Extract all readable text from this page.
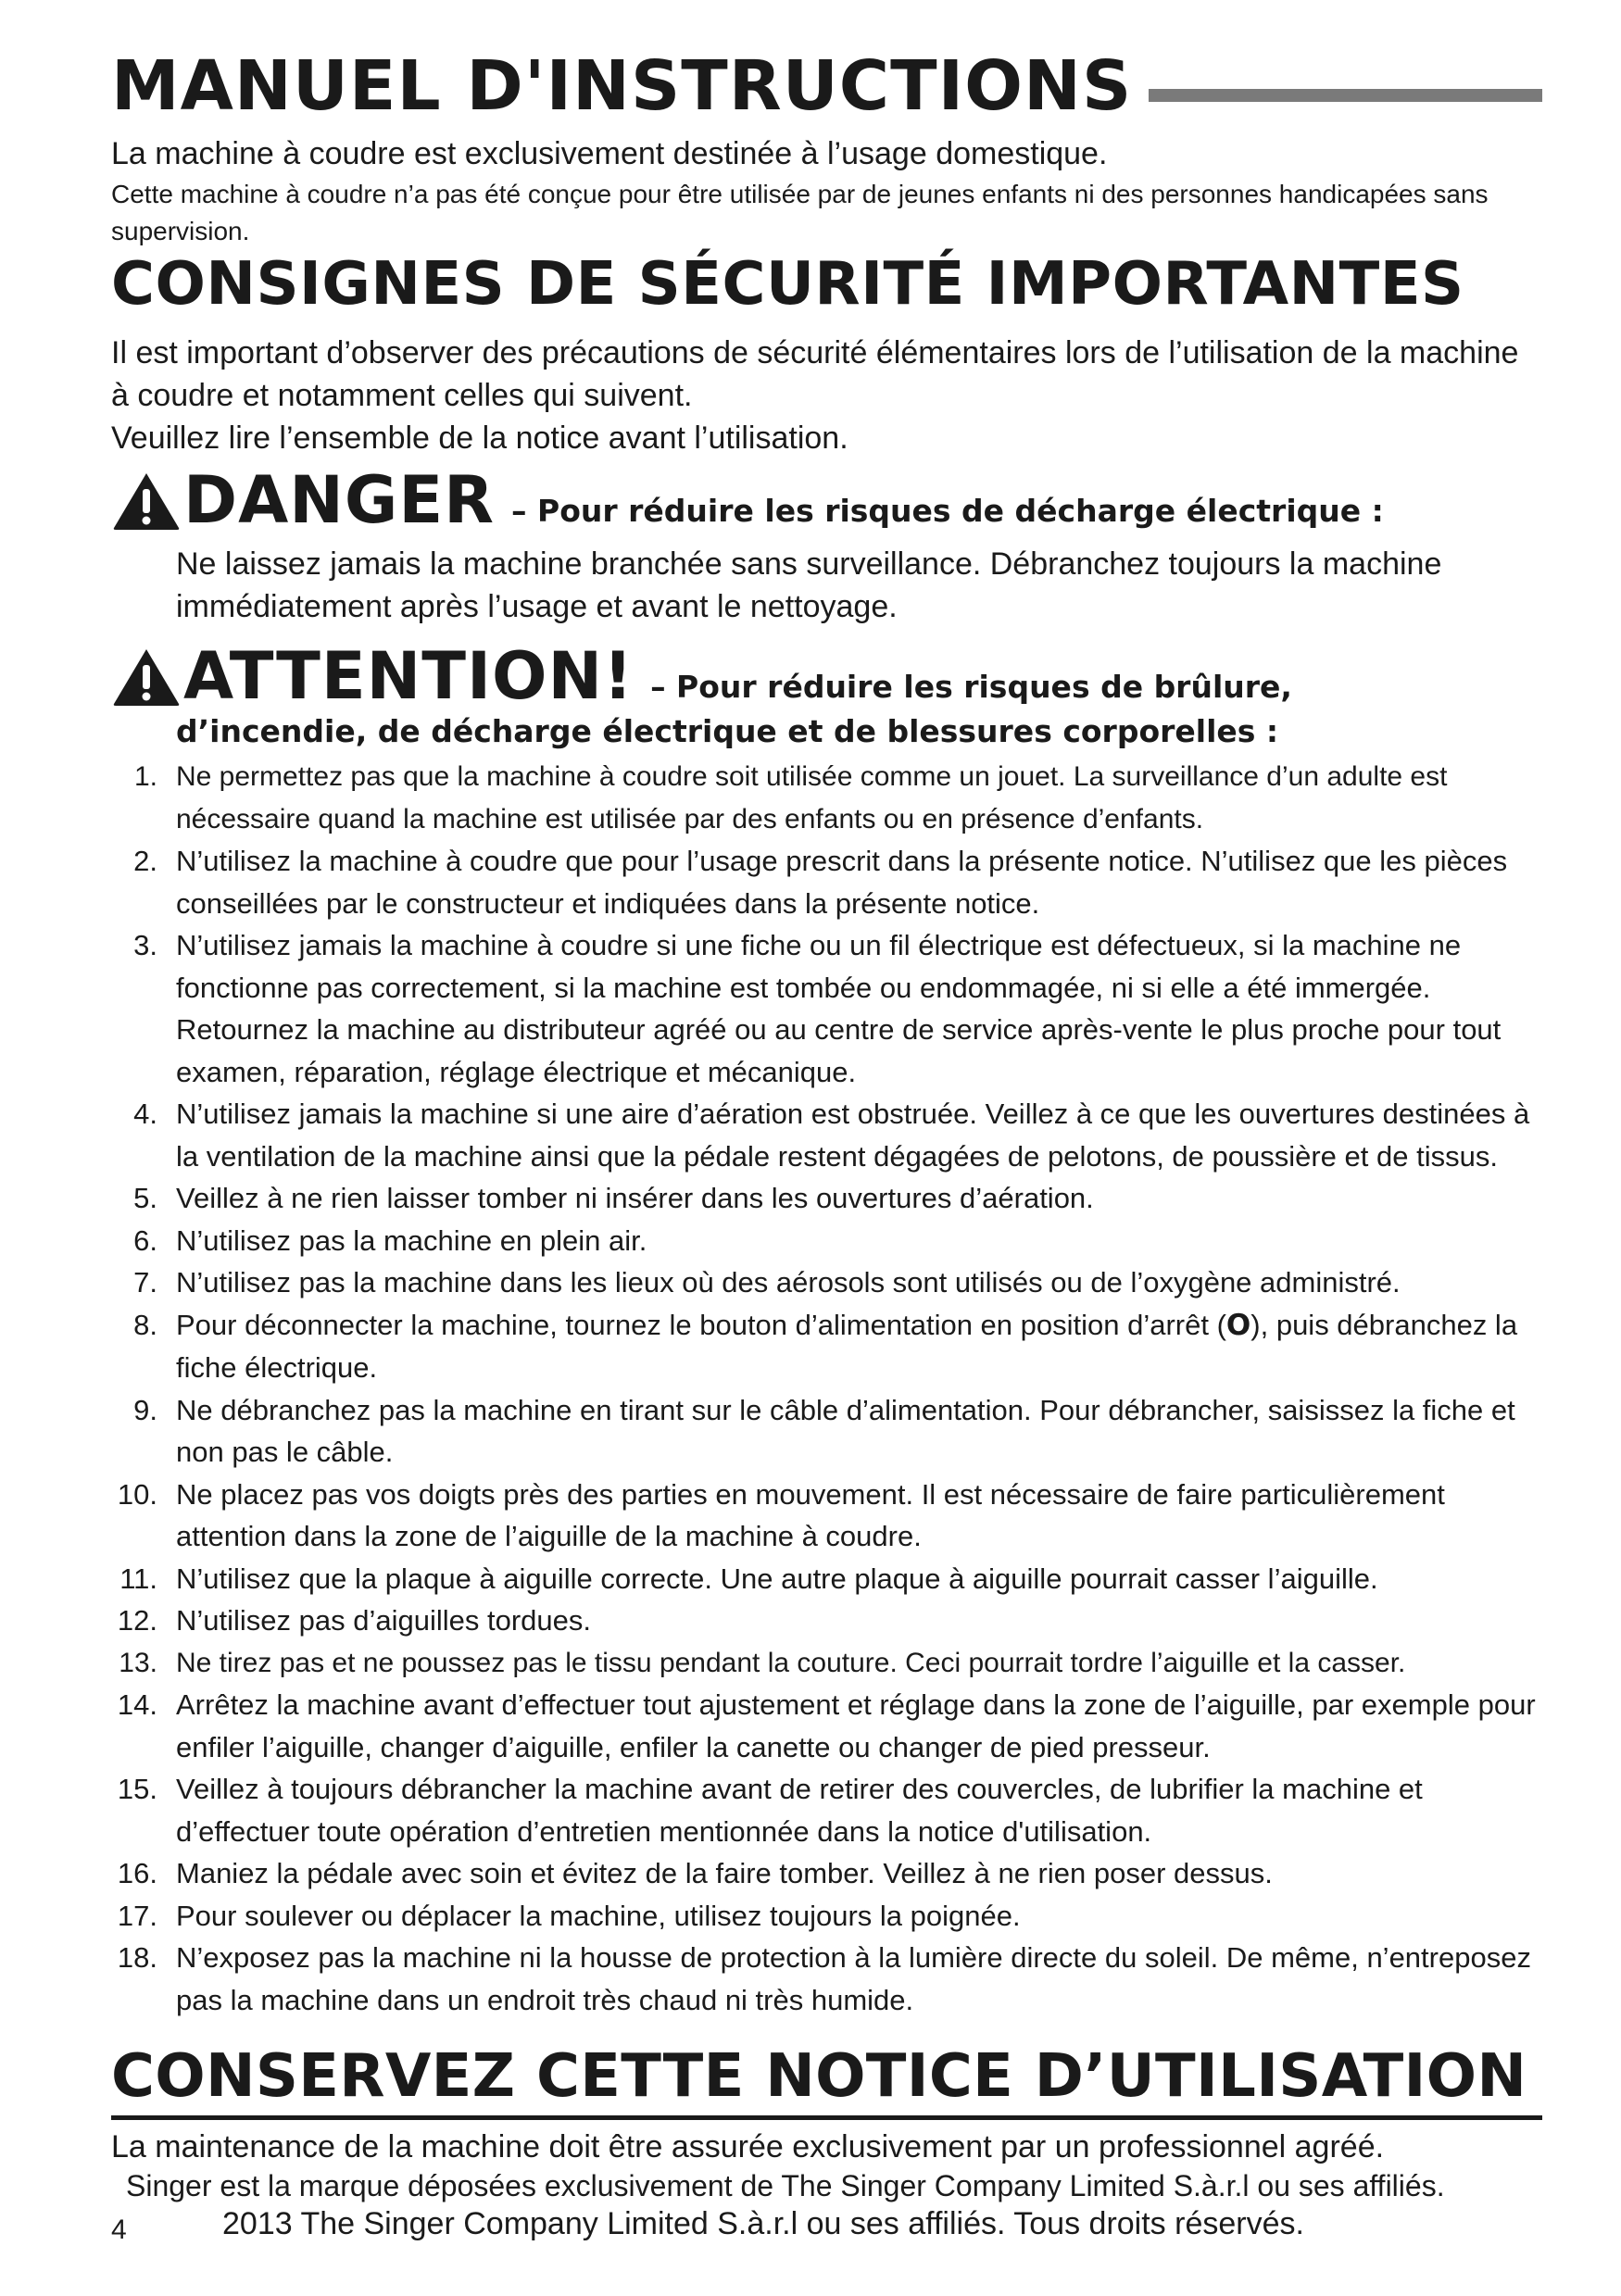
MANUEL D'INSTRUCTIONS
La machine à coudre est exclusivement destinée à l’usage domestique.
Cette machine à coudre n’a pas été conçue pour être utilisée par de jeunes enfants ni des personnes handicapées sans supervision.
CONSIGNES DE SÉCURITÉ IMPORTANTES
Il est important d’observer des précautions de sécurité élémentaires lors de l’utilisation de la machine à coudre et notamment celles qui suivent.
Veuillez lire l’ensemble de la notice avant l’utilisation.
DANGER – Pour réduire les risques de décharge électrique :
Ne laissez jamais la machine branchée sans surveillance. Débranchez toujours la machine immédiatement après l’usage et avant le nettoyage.
ATTENTION! – Pour réduire les risques de brûlure,
d’incendie, de décharge électrique et de blessures corporelles :
1. Ne permettez pas que la machine à coudre soit utilisée comme un jouet. La surveillance d’un adulte est nécessaire quand la machine est utilisée par des enfants ou en présence d’enfants.
2. N’utilisez la machine à coudre que pour l’usage prescrit dans la présente notice. N’utilisez que les pièces conseillées par le constructeur et indiquées dans la présente notice.
3. N’utilisez jamais la machine à coudre si une fiche ou un fil électrique est défectueux, si la machine ne fonctionne pas correctement, si la machine est tombée ou endommagée, ni si elle a été immergée. Retournez la machine au distributeur agréé ou au centre de service après-vente le plus proche pour tout examen, réparation, réglage électrique et mécanique.
4. N’utilisez jamais la machine si une aire d’aération est obstruée. Veillez à ce que les ouvertures destinées à la ventilation de la machine ainsi que la pédale restent dégagées de pelotons, de poussière et de tissus.
5. Veillez à ne rien laisser tomber ni insérer dans les ouvertures d’aération.
6. N’utilisez pas la machine en plein air.
7. N’utilisez pas la machine dans les lieux où des aérosols sont utilisés ou de l’oxygène administré.
8. Pour déconnecter la machine, tournez le bouton d’alimentation en position d’arrêt (O), puis débranchez la fiche électrique.
9. Ne débranchez pas la machine en tirant sur le câble d’alimentation. Pour débrancher, saisissez la fiche et non pas le câble.
10. Ne placez pas vos doigts près des parties en mouvement. Il est nécessaire de faire particulièrement attention dans la zone de l’aiguille de la machine à coudre.
11. N’utilisez que la plaque à aiguille correcte. Une autre plaque à aiguille pourrait casser l’aiguille.
12. N’utilisez pas d’aiguilles tordues.
13. Ne tirez pas et ne poussez pas le tissu pendant la couture. Ceci pourrait tordre l’aiguille et la casser.
14. Arrêtez la machine avant d’effectuer tout ajustement et réglage dans la zone de l’aiguille, par exemple pour enfiler l’aiguille, changer d’aiguille, enfiler la canette ou changer de pied presseur.
15. Veillez à toujours débrancher la machine avant de retirer des couvercles, de lubrifier la machine et d’effectuer toute opération d’entretien mentionnée dans la notice d'utilisation.
16. Maniez la pédale avec soin et évitez de la faire tomber. Veillez à ne rien poser dessus.
17. Pour soulever ou déplacer la machine, utilisez toujours la poignée.
18. N’exposez pas la machine ni la housse de protection à la lumière directe du soleil. De même, n’entreposez pas la machine dans un endroit très chaud ni très humide.
CONSERVEZ CETTE NOTICE D’UTILISATION
La maintenance de la machine doit être assurée exclusivement par un professionnel agréé.
Singer est la marque déposées exclusivement de The Singer Company Limited S.à.r.l ou ses affiliés.
4	2013 The Singer Company Limited S.à.r.l ou ses affiliés. Tous droits réservés.
